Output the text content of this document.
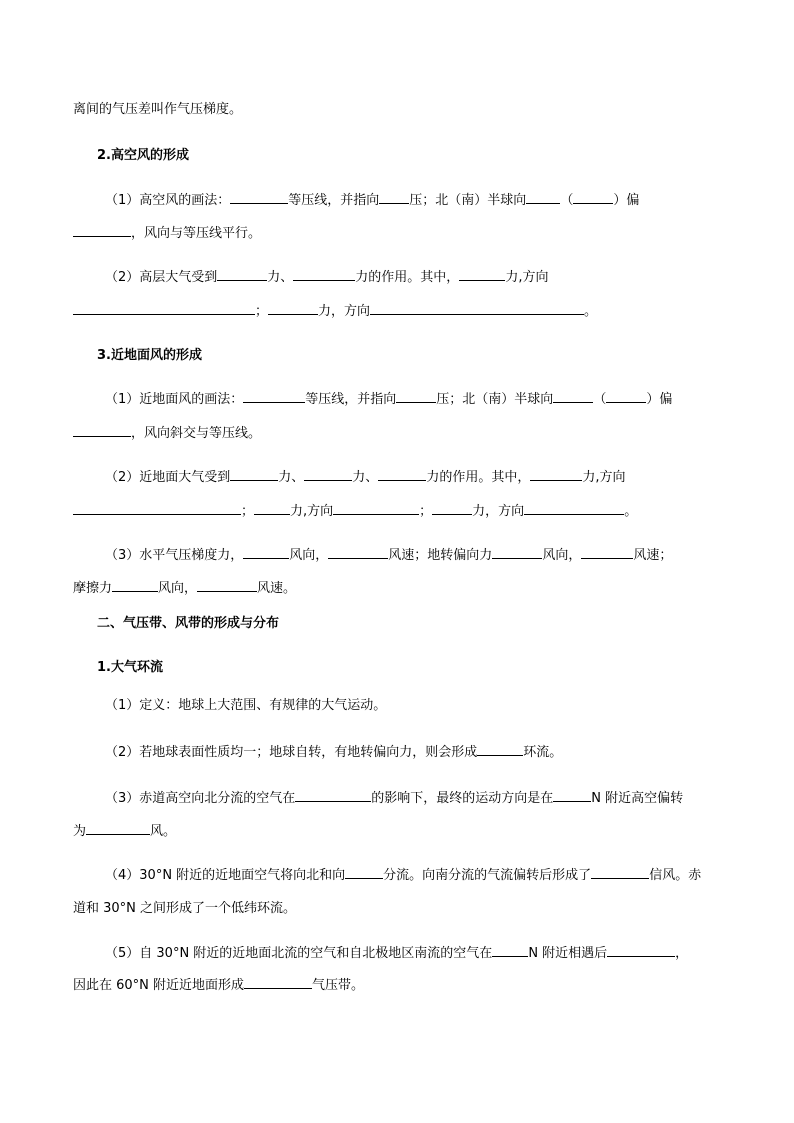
离间的气压差叫作气压梯度。
2.高空风的形成
（1）高空风的画法：	等压线，并指向 压；北（南）半球向	（	）偏
，风向与等压线平行。
（2）高层大气受到	力、	力的作用。其中，	力,方向
；	力，方向	。
3.近地面风的形成
（1）近地面风的画法：	等压线，并指向	压；北（南）半球向	（	）偏
，风向斜交与等压线。
（2）近地面大气受到	力、	力、	力的作用。其中，	力,方向
；	力,方向	；	力，方向	。
（3）水平气压梯度力，	风向，	风速；地转偏向力	风向，	风速；
摩擦力	风向，	风速。
二、气压带、风带的形成与分布
1.大气环流
（1）定义：地球上大范围、有规律的大气运动。
（2）若地球表面性质均一；地球自转，有地转偏向力，则会形成	环流。
（3）赤道高空向北分流的空气在	的影响下，最终的运动方向是在	N 附近高空偏转
为	风。
（4）30°N 附近的近地面空气将向北和向	分流。向南分流的气流偏转后形成了	信风。赤
道和 30°N 之间形成了一个低纬环流。
（5）自 30°N 附近的近地面北流的空气和自北极地区南流的空气在	N 附近相遇后	，
因此在 60°N 附近近地面形成	气压带。
